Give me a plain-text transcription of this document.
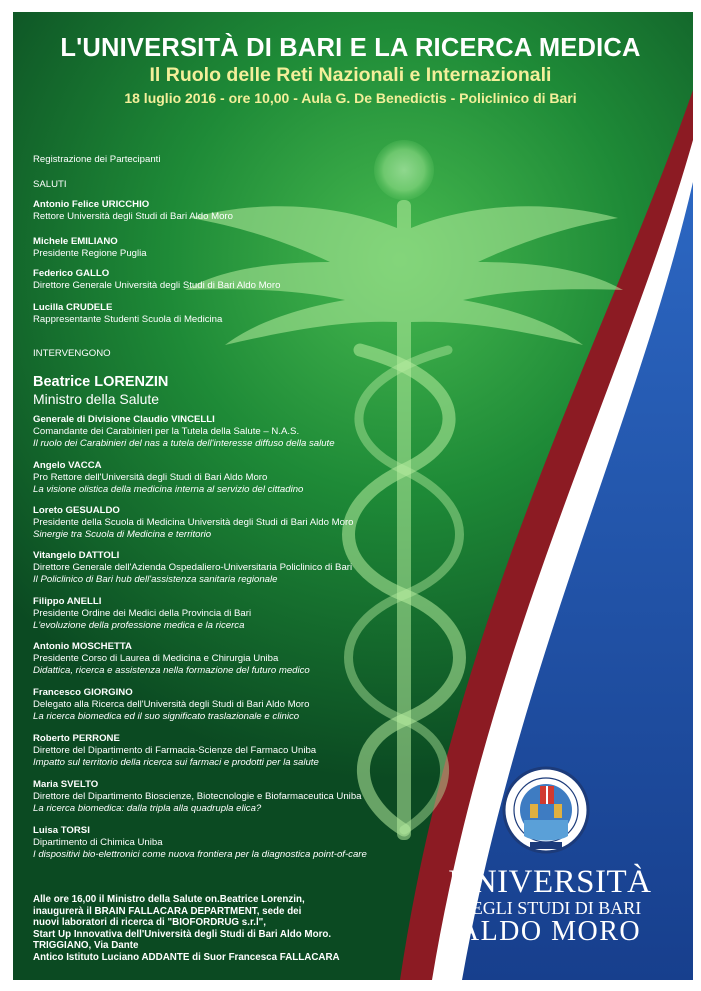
L'UNIVERSITÀ DI BARI E LA RICERCA MEDICA
Il Ruolo delle Reti Nazionali e Internazionali
18 luglio 2016 - ore 10,00 - Aula G. De Benedictis - Policlinico di Bari
Registrazione dei Partecipanti
SALUTI
Antonio Felice URICCHIO
Rettore Università degli Studi di Bari Aldo Moro
Michele EMILIANO
Presidente Regione Puglia
Federico GALLO
Direttore Generale Università degli Studi di Bari Aldo Moro
Lucilla CRUDELE
Rappresentante Studenti Scuola di Medicina
INTERVENGONO
Beatrice LORENZIN
Ministro della Salute
Generale di Divisione Claudio VINCELLI
Comandante dei Carabinieri per la Tutela della Salute – N.A.S.
Il ruolo dei Carabinieri del nas a tutela dell'interesse diffuso della salute
Angelo VACCA
Pro Rettore dell'Università degli Studi di Bari Aldo Moro
La visione olistica della medicina interna al servizio del cittadino
Loreto GESUALDO
Presidente della Scuola di Medicina Università degli Studi di Bari Aldo Moro
Sinergie tra Scuola di Medicina e territorio
Vitangelo DATTOLI
Direttore Generale dell'Azienda Ospedaliero-Universitaria Policlinico di Bari
Il Policlinico di Bari hub dell'assistenza sanitaria regionale
Filippo ANELLI
Presidente Ordine dei Medici della Provincia di Bari
L'evoluzione della professione medica e la ricerca
Antonio MOSCHETTA
Presidente Corso di Laurea di Medicina e Chirurgia Uniba
Didattica, ricerca e assistenza nella formazione del futuro medico
Francesco GIORGINO
Delegato alla Ricerca dell'Università degli Studi di Bari Aldo Moro
La ricerca biomedica ed il suo significato traslazionale e clinico
Roberto PERRONE
Direttore del Dipartimento di Farmacia-Scienze del Farmaco Uniba
Impatto sul territorio della ricerca sui farmaci e prodotti per la salute
Maria SVELTO
Direttore del Dipartimento Bioscienze, Biotecnologie e Biofarmaceutica Uniba
La ricerca biomedica: dalla tripla alla quadrupla elica?
Luisa TORSI
Dipartimento di Chimica Uniba
I dispositivi bio-elettronici come nuova frontiera per la diagnostica point-of-care
Alle ore 16,00 il Ministro della Salute on.Beatrice Lorenzin,
inaugurerà il BRAIN FALLACARA DEPARTMENT, sede dei
nuovi laboratori di ricerca di "BIOFORDRUG s.r.l",
Start Up Innovativa dell'Università degli Studi di Bari Aldo Moro.
TRIGGIANO, Via Dante
Antico Istituto Luciano ADDANTE di Suor Francesca FALLACARA
UNIVERSITÀ
DEGLI STUDI DI BARI
ALDO MORO
